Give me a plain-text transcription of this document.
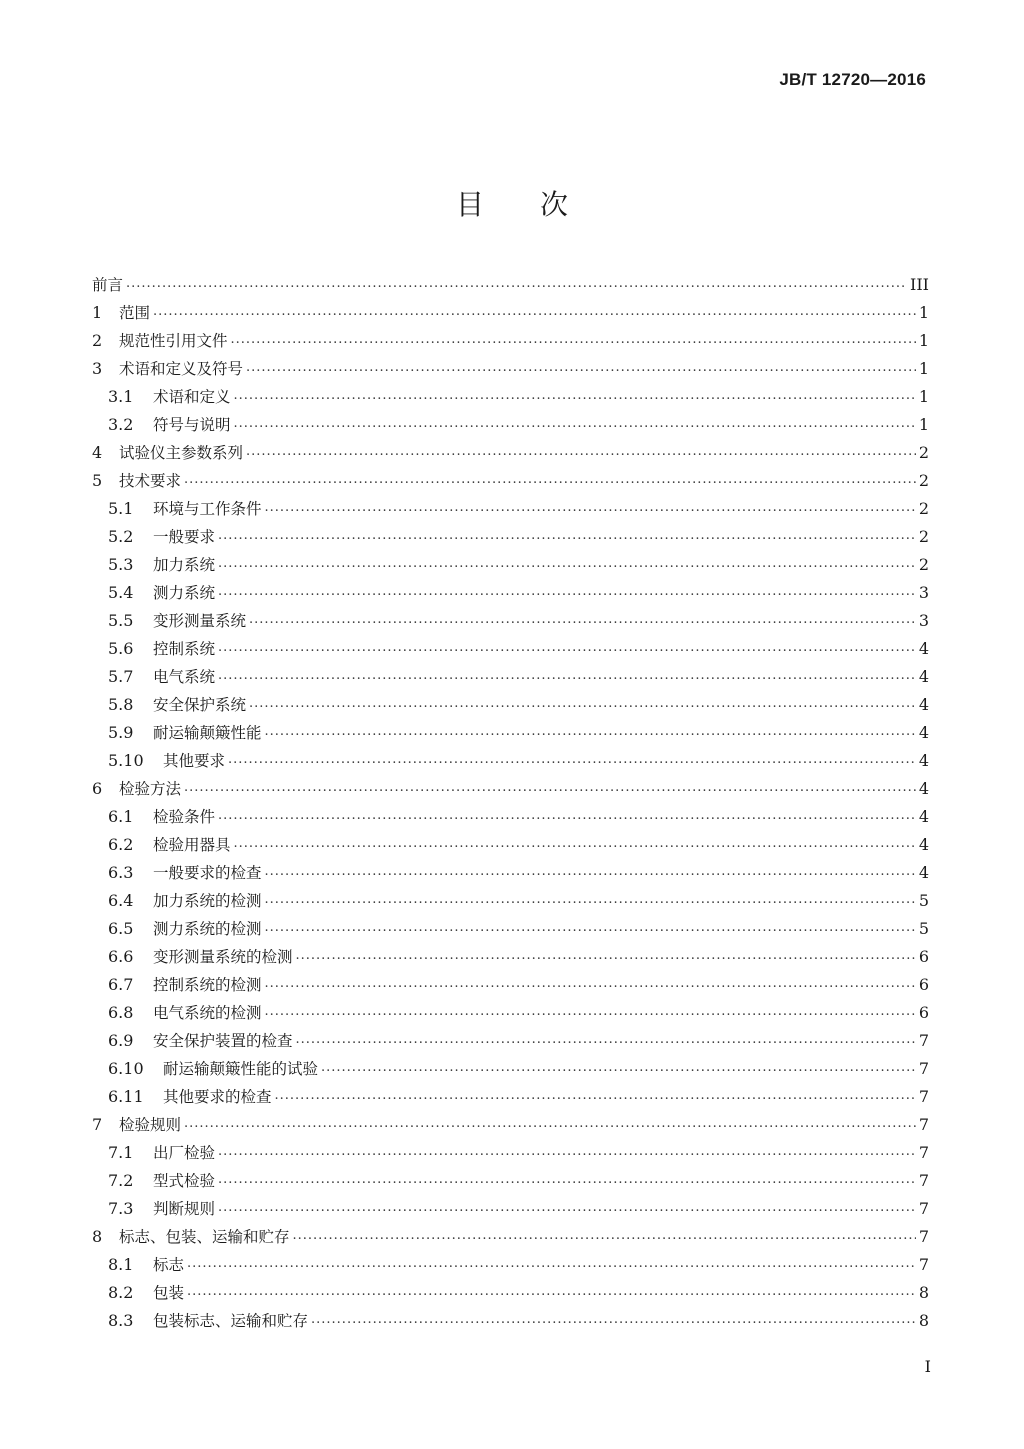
JB/T 12720—2016
目次
前言 .....	III
1	范围 .....	1
2	规范性引用文件 .....	1
3	术语和定义及符号 .....	1
3.1	术语和定义 .....	1
3.2	符号与说明 .....	1
4	试验仪主参数系列 .....	2
5	技术要求 .....	2
5.1	环境与工作条件 .....	2
5.2	一般要求 .....	2
5.3	加力系统 .....	2
5.4	测力系统 .....	3
5.5	变形测量系统 .....	3
5.6	控制系统 .....	4
5.7	电气系统 .....	4
5.8	安全保护系统 .....	4
5.9	耐运输颠簸性能 .....	4
5.10	其他要求 .....	4
6	检验方法 .....	4
6.1	检验条件 .....	4
6.2	检验用器具 .....	4
6.3	一般要求的检查 .....	4
6.4	加力系统的检测 .....	5
6.5	测力系统的检测 .....	5
6.6	变形测量系统的检测 .....	6
6.7	控制系统的检测 .....	6
6.8	电气系统的检测 .....	6
6.9	安全保护装置的检查 .....	7
6.10	耐运输颠簸性能的试验 .....	7
6.11	其他要求的检查 .....	7
7	检验规则 .....	7
7.1	出厂检验 .....	7
7.2	型式检验 .....	7
7.3	判断规则 .....	7
8	标志、包装、运输和贮存 .....	7
8.1	标志 .....	7
8.2	包装 .....	8
8.3	包装标志、运输和贮存 .....	8
I
